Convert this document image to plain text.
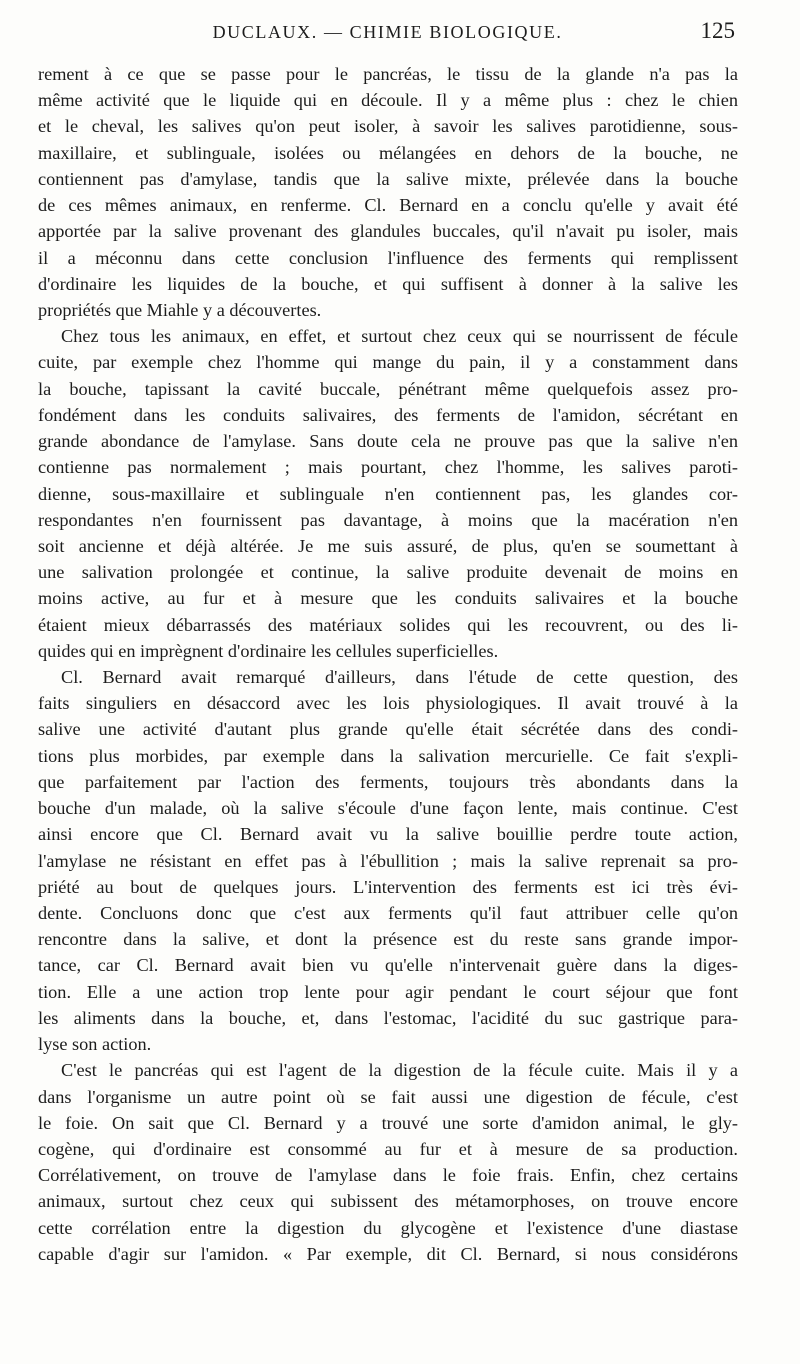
DUCLAUX. — CHIMIE BIOLOGIQUE.	125
rement à ce que se passe pour le pancréas, le tissu de la glande n'a pas la
même activité que le liquide qui en découle. Il y a même plus : chez le chien
et le cheval, les salives qu'on peut isoler, à savoir les salives parotidienne, sous-
maxillaire, et sublinguale, isolées ou mélangées en dehors de la bouche, ne
contiennent pas d'amylase, tandis que la salive mixte, prélevée dans la bouche
de ces mêmes animaux, en renferme. Cl. Bernard en a conclu qu'elle y avait été
apportée par la salive provenant des glandules buccales, qu'il n'avait pu isoler, mais
il a méconnu dans cette conclusion l'influence des ferments qui remplissent
d'ordinaire les liquides de la bouche, et qui suffisent à donner à la salive les
propriétés que Miahle y a découvertes.
Chez tous les animaux, en effet, et surtout chez ceux qui se nourrissent de fécule
cuite, par exemple chez l'homme qui mange du pain, il y a constamment dans
la bouche, tapissant la cavité buccale, pénétrant même quelquefois assez pro-
fondément dans les conduits salivaires, des ferments de l'amidon, sécrétant en
grande abondance de l'amylase. Sans doute cela ne prouve pas que la salive n'en
contienne pas normalement ; mais pourtant, chez l'homme, les salives paroti-
dienne, sous-maxillaire et sublinguale n'en contiennent pas, les glandes cor-
respondantes n'en fournissent pas davantage, à moins que la macération n'en
soit ancienne et déjà altérée. Je me suis assuré, de plus, qu'en se soumettant à
une salivation prolongée et continue, la salive produite devenait de moins en
moins active, au fur et à mesure que les conduits salivaires et la bouche
étaient mieux débarrassés des matériaux solides qui les recouvrent, ou des li-
quides qui en imprègnent d'ordinaire les cellules superficielles.
Cl. Bernard avait remarqué d'ailleurs, dans l'étude de cette question, des
faits singuliers en désaccord avec les lois physiologiques. Il avait trouvé à la
salive une activité d'autant plus grande qu'elle était sécrétée dans des condi-
tions plus morbides, par exemple dans la salivation mercurielle. Ce fait s'expli-
que parfaitement par l'action des ferments, toujours très abondants dans la
bouche d'un malade, où la salive s'écoule d'une façon lente, mais continue. C'est
ainsi encore que Cl. Bernard avait vu la salive bouillie perdre toute action,
l'amylase ne résistant en effet pas à l'ébullition ; mais la salive reprenait sa pro-
priété au bout de quelques jours. L'intervention des ferments est ici très évi-
dente. Concluons donc que c'est aux ferments qu'il faut attribuer celle qu'on
rencontre dans la salive, et dont la présence est du reste sans grande impor-
tance, car Cl. Bernard avait bien vu qu'elle n'intervenait guère dans la diges-
tion. Elle a une action trop lente pour agir pendant le court séjour que font
les aliments dans la bouche, et, dans l'estomac, l'acidité du suc gastrique para-
lyse son action.
C'est le pancréas qui est l'agent de la digestion de la fécule cuite. Mais il y a
dans l'organisme un autre point où se fait aussi une digestion de fécule, c'est
le foie. On sait que Cl. Bernard y a trouvé une sorte d'amidon animal, le gly-
cogène, qui d'ordinaire est consommé au fur et à mesure de sa production.
Corrélativement, on trouve de l'amylase dans le foie frais. Enfin, chez certains
animaux, surtout chez ceux qui subissent des métamorphoses, on trouve encore
cette corrélation entre la digestion du glycogène et l'existence d'une diastase
capable d'agir sur l'amidon. « Par exemple, dit Cl. Bernard, si nous considérons
